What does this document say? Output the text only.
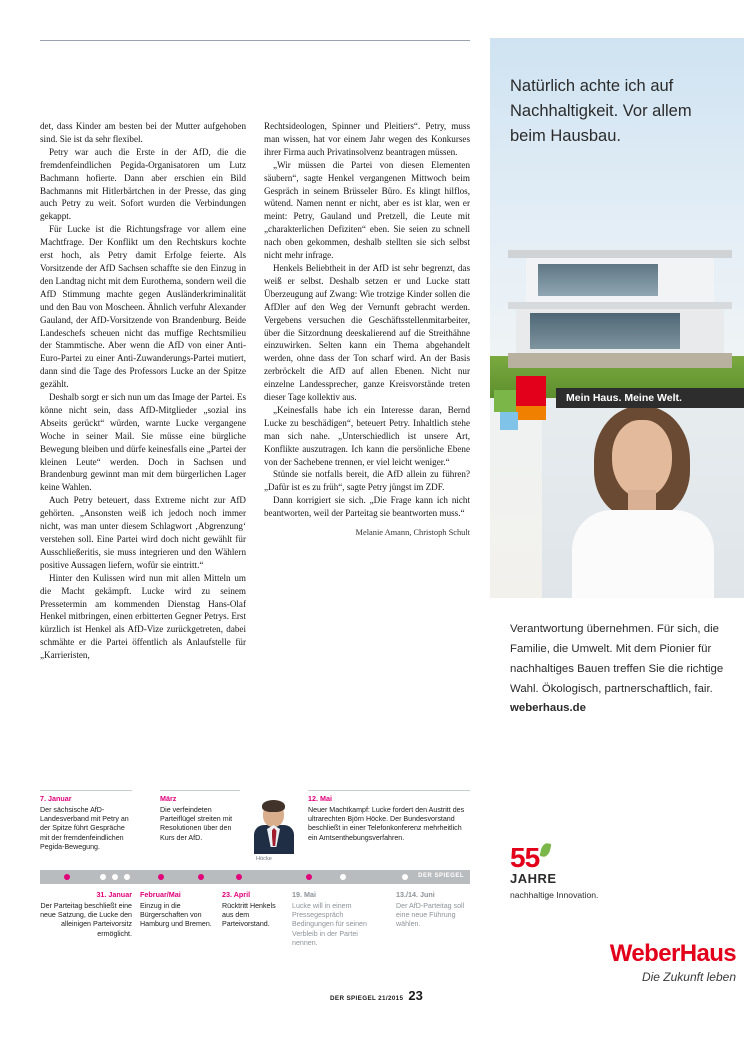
det, dass Kinder am besten bei der Mutter aufgehoben sind. Sie ist da sehr flexibel.

Petry war auch die Erste in der AfD, die die fremdenfeindlichen Pegida-Organisatoren um Lutz Bachmann hofierte. Dann aber erschien ein Bild Bachmanns mit Hitlerbärtchen in der Presse, das ging auch Petry zu weit. Sofort wurden die Verbindungen gekappt.

Für Lucke ist die Richtungsfrage vor allem eine Machtfrage. Der Konflikt um den Rechtskurs kochte erst hoch, als Petry damit Erfolge feierte. Als Vorsitzende der AfD Sachsen schaffte sie den Einzug in den Landtag nicht mit dem Eurothema, sondern weil die AfD Stimmung machte gegen Ausländerkriminalität und den Bau von Moscheen. Ähnlich verfuhr Alexander Gauland, der AfD-Vorsitzende von Brandenburg. Beide Landeschefs scheuen nicht das muffige Rechtsmilieu der Stammtische. Aber wenn die AfD von einer Anti-Euro-Partei zu einer Anti-Zuwanderungs-Partei mutiert, dann sind die Tage des Professors Lucke an der Spitze gezählt.

Deshalb sorgt er sich nun um das Image der Partei. Es könne nicht sein, dass AfD-Mitglieder „sozial ins Abseits gerückt“ würden, warnte Lucke vergangene Woche in seiner Mail. Sie müsse eine bürgliche Bewegung bleiben und dürfe keinesfalls eine „Partei der kleinen Leute“ werden. Doch in Sachsen und Brandenburg gewinnt man mit dem bürgerlichen Lager keine Wahlen.

Auch Petry beteuert, dass Extreme nicht zur AfD gehörten. „Ansonsten weiß ich jedoch noch immer nicht, was man unter diesem Schlagwort ‚Abgrenzung‘ verstehen soll. Eine Partei wird doch nicht gewählt für Ausschließeritis, sie muss integrieren und den Wählern positive Aussagen liefern, wofür sie eintritt.“

Hinter den Kulissen wird nun mit allen Mitteln um die Macht gekämpft. Lucke wird zu seinem Pressetermin am kommenden Dienstag Hans-Olaf Henkel mitbringen, einen erbitterten Gegner Petrys. Erst kürzlich ist Henkel als AfD-Vize zurückgetreten, dabei schmähte er die Partei öffentlich als Anlaufstelle für „Karrieristen,

Rechtsideologen, Spinner und Pleitiers“. Petry, muss man wissen, hat vor einem Jahr wegen des Konkurses ihrer Firma auch Privatinsolvenz beantragen müssen.

„Wir müssen die Partei von diesen Elementen säubern“, sagte Henkel vergangenen Mittwoch beim Gespräch in seinem Brüsseler Büro. Es klingt hilflos, wütend. Namen nennt er nicht, aber es ist klar, wen er meint: Petry, Gauland und Pretzell, die Leute mit „charakterlichen Defiziten“ eben. Sie seien zu schnell nach oben gekommen, deshalb stellten sie sich selbst nicht mehr infrage.

Henkels Beliebtheit in der AfD ist sehr begrenzt, das weiß er selbst. Deshalb setzen er und Lucke statt Überzeugung auf Zwang: Wie trotzige Kinder sollen die AfDler auf den Weg der Vernunft gebracht werden. Vergebens versuchen die Geschäftsstellenmitarbeiter, über die Sitzordnung deeskalierend auf die Streithähne einzuwirken. Selten kann ein Thema abgehandelt werden, ohne dass der Ton scharf wird. An der Basis zerbröckelt die AfD auf allen Ebenen. Nicht nur einzelne Landessprecher, ganze Kreisvorstände treten dieser Tage kollektiv aus.

„Keinesfalls habe ich ein Interesse daran, Bernd Lucke zu beschädigen“, beteuert Petry. Inhaltlich stehe man sich nahe. „Unterschiedlich ist unsere Art, Konflikte auszutragen. Ich kann die persönliche Ebene von der Sachebene trennen, er viel leicht weniger.“

Stünde sie notfalls bereit, die AfD allein zu führen? „Dafür ist es zu früh“, sagte Petry jüngst im ZDF.

Dann korrigiert sie sich. „Die Frage kann ich nicht beantworten, weil der Parteitag sie beantworten muss.“

Melanie Amann, Christoph Schult

7. Januar
Der sächsische AfD-Landesverband mit Petry an der Spitze führt Gespräche mit der fremdenfeindlichen Pegida-Bewegung.
März
Die verfeindeten Parteiflügel streiten mit Resolutionen über den Kurs der AfD.
Höcke
12. Mai
Neuer Machtkampf: Lucke fordert den Austritt des ultrarechten Björn Höcke. Der Bundesvorstand beschließt in einer Telefonkonferenz mehrheitlich ein Amtsenthebungsverfahren.
DER SPIEGEL
31. Januar
Der Parteitag beschließt eine neue Satzung, die Lucke den alleinigen Parteivorsitz ermöglicht.
Februar/Mai
Einzug in die Bürgerschaften von Hamburg und Bremen.
23. April
Rücktritt Henkels aus dem Parteivorstand.
19. Mai
Lucke will in einem Pressegespräch Bedingungen für seinen Verbleib in der Partei nennen.
13./14. Juni
Der AfD-Parteitag soll eine neue Führung wählen.
DER SPIEGEL 21/2015 23
Natürlich achte ich auf Nachhaltigkeit. Vor allem beim Hausbau.
Mein Haus. Meine Welt.
Verantwortung übernehmen. Für sich, die Familie, die Umwelt. Mit dem Pionier für nachhaltiges Bauen treffen Sie die richtige Wahl. Ökologisch, partnerschaftlich, fair. weberhaus.de
55
JAHRE
nachhaltige Innovation.
WeberHaus
Die Zukunft leben
